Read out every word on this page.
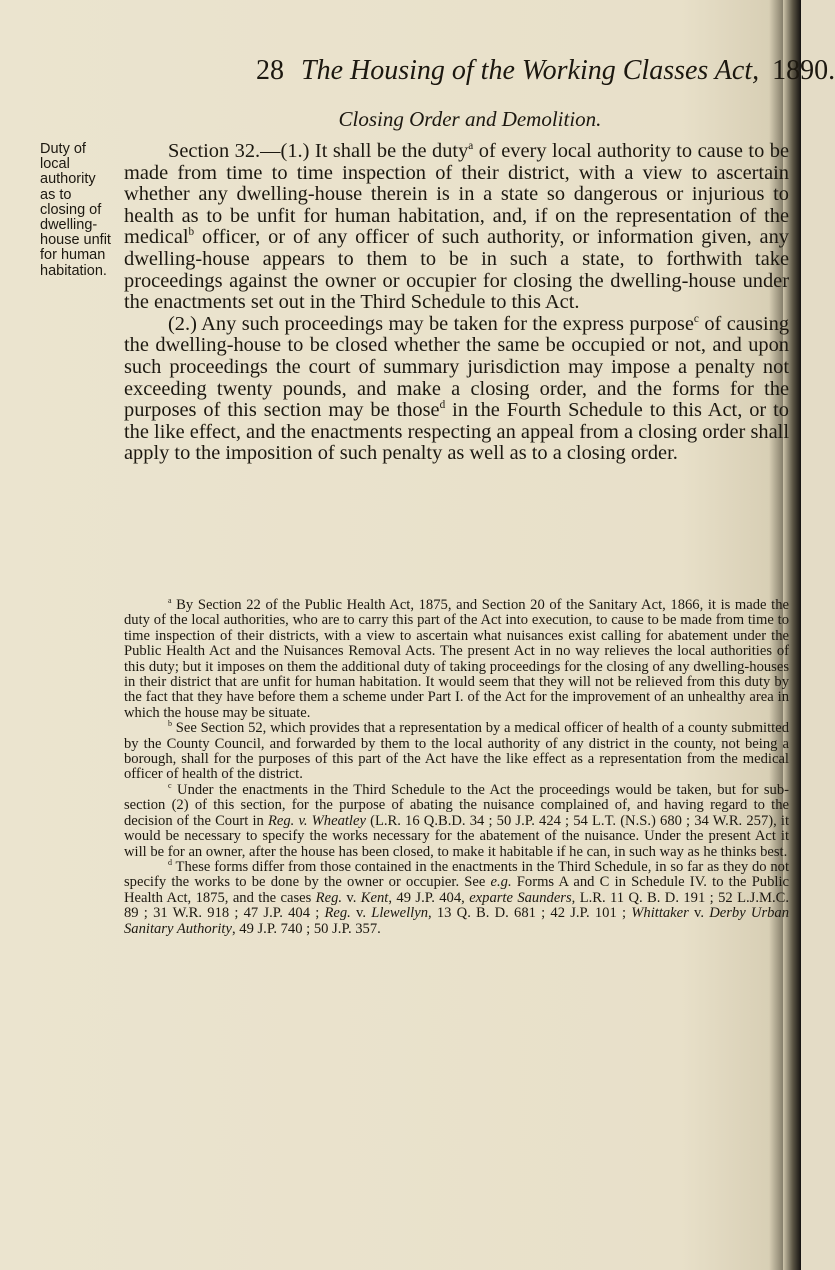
28 The Housing of the Working Classes Act, 1890.
Closing Order and Demolition.
Duty of local authority as to closing of dwelling-house unfit for human habitation.

Section 32.—(1.) It shall be the duty$^a$ of every local authority to cause to be made from time to time inspection of their district, with a view to ascertain whether any dwelling-house therein is in a state so dangerous or injurious to health as to be unfit for human habitation, and, if on the representation of the medical$^b$ officer, or of any officer of such authority, or information given, any dwelling-house appears to them to be in such a state, to forthwith take proceedings against the owner or occupier for closing the dwelling-house under the enactments set out in the Third Schedule to this Act.

(2.) Any such proceedings may be taken for the express purpose$^c$ of causing the dwelling-house to be closed whether the same be occupied or not, and upon such proceedings the court of summary jurisdiction may impose a penalty not exceeding twenty pounds, and make a closing order, and the forms for the purposes of this section may be those$^d$ in the Fourth Schedule to this Act, or to the like effect, and the enactments respecting an appeal from a closing order shall apply to the imposition of such penalty as well as to a closing order.

$^a$ By Section 22 of the Public Health Act, 1875, and Section 20 of the Sanitary Act, 1866, it is made the duty of the local authorities, who are to carry this part of the Act into execution, to cause to be made from time to time inspection of their districts, with a view to ascertain what nuisances exist calling for abatement under the Public Health Act and the Nuisances Removal Acts. The present Act in no way relieves the local authorities of this duty; but it imposes on them the additional duty of taking proceedings for the closing of any dwelling-houses in their district that are unfit for human habitation. It would seem that they will not be relieved from this duty by the fact that they have before them a scheme under Part I. of the Act for the improvement of an unhealthy area in which the house may be situate.

$^b$ See Section 52, which provides that a representation by a medical officer of health of a county submitted by the County Council, and forwarded by them to the local authority of any district in the county, not being a borough, shall for the purposes of this part of the Act have the like effect as a representation from the medical officer of health of the district.

$^c$ Under the enactments in the Third Schedule to the Act the proceedings would be taken, but for sub-section (2) of this section, for the purpose of abating the nuisance complained of, and having regard to the decision of the Court in Reg. v. Wheatley (L.R. 16 Q.B.D. 34 ; 50 J.P. 424 ; 54 L.T. (N.S.) 680 ; 34 W.R. 257), it would be necessary to specify the works necessary for the abatement of the nuisance. Under the present Act it will be for an owner, after the house has been closed, to make it habitable if he can, in such way as he thinks best.

$^d$ These forms differ from those contained in the enactments in the Third Schedule, in so far as they do not specify the works to be done by the owner or occupier. See e.g. Forms A and C in Schedule IV. to the Public Health Act, 1875, and the cases Reg. v. Kent, 49 J.P. 404, exparte Saunders, L.R. 11 Q. B. D. 191 ; 52 L.J.M.C. 89 ; 31 W.R. 918 ; 47 J.P. 404 ; Reg. v. Llewellyn, 13 Q. B. D. 681 ; 42 J.P. 101 ; Whittaker v. Derby Urban Sanitary Authority, 49 J.P. 740 ; 50 J.P. 357.
